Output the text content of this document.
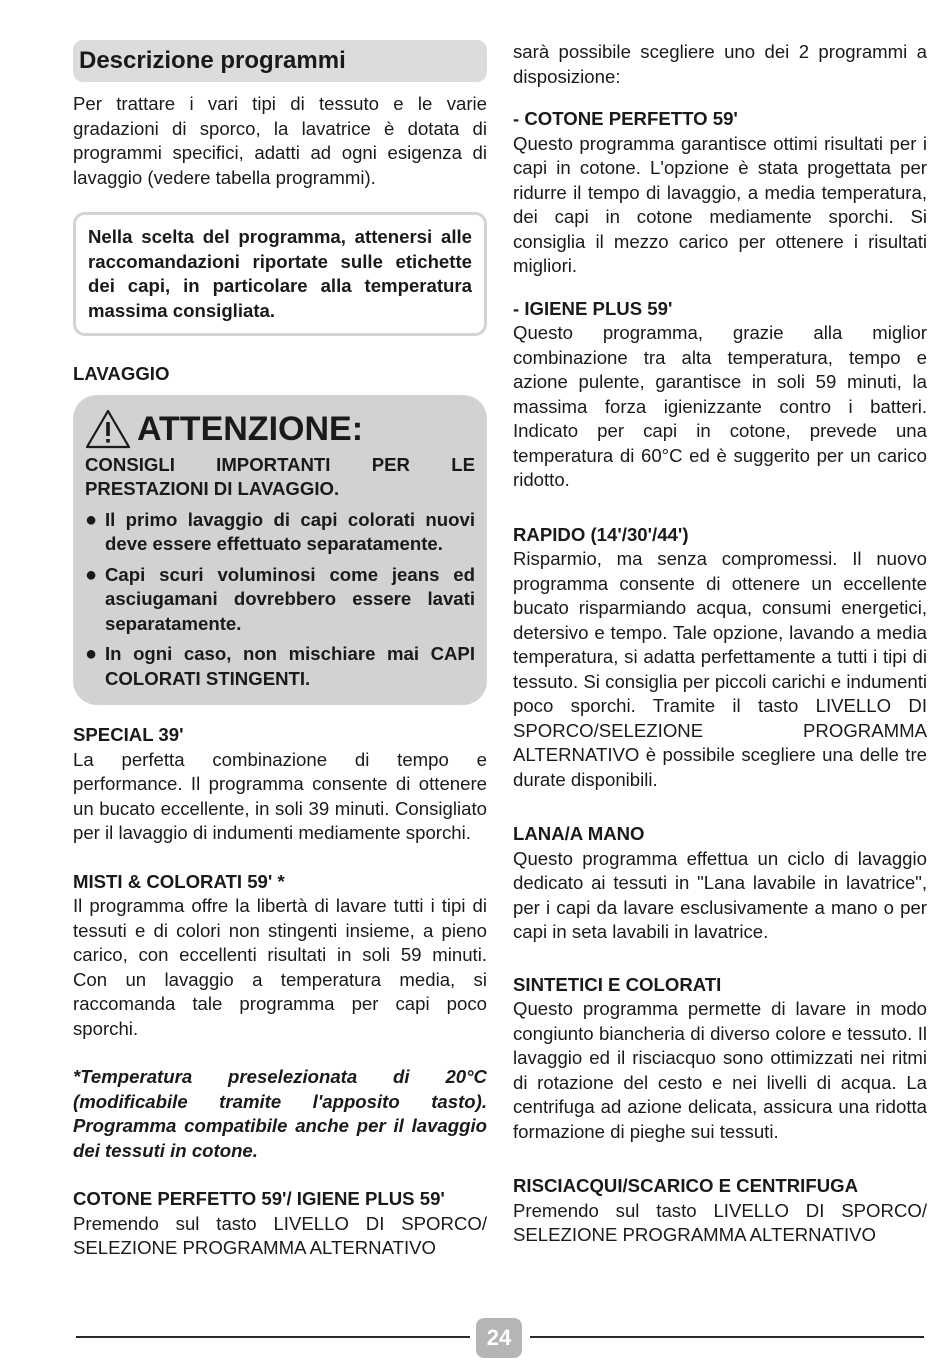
Descrizione programmi

Per trattare i vari tipi di tessuto e le varie gradazioni di sporco, la lavatrice è dotata di programmi specifici, adatti ad ogni esigenza di lavaggio (vedere tabella programmi).

Nella scelta del programma, attenersi alle raccomandazioni riportate sulle etichette dei capi, in particolare alla temperatura massima consigliata.
LAVAGGIO
ATTENZIONE:
CONSIGLI IMPORTANTI PER LE PRESTAZIONI DI LAVAGGIO.
● Il primo lavaggio di capi colorati nuovi deve essere effettuato separatamente.
● Capi scuri voluminosi come jeans ed asciugamani dovrebbero essere lavati separatamente.
● In ogni caso, non mischiare mai CAPI COLORATI STINGENTI.
SPECIAL 39'

La perfetta combinazione di tempo e performance. Il programma consente di ottenere un bucato eccellente, in soli 39 minuti. Consigliato per il lavaggio di indumenti mediamente sporchi.

MISTI & COLORATI 59' *

Il programma offre la libertà di lavare tutti i tipi di tessuti e di colori non stingenti insieme, a pieno carico, con eccellenti risultati in soli 59 minuti. Con un lavaggio a temperatura media, si raccomanda tale programma per capi poco sporchi.

*Temperatura preselezionata di 20°C (modificabile tramite l'apposito tasto). Programma compatibile anche per il lavaggio dei tessuti in cotone.

COTONE PERFETTO 59'/ IGIENE PLUS 59'

Premendo sul tasto LIVELLO DI SPORCO/ SELEZIONE PROGRAMMA ALTERNATIVO

sarà possibile scegliere uno dei 2 programmi a disposizione:

- COTONE PERFETTO 59'

Questo programma garantisce ottimi risultati per i capi in cotone. L'opzione è stata progettata per ridurre il tempo di lavaggio, a media temperatura, dei capi in cotone mediamente sporchi. Si consiglia il mezzo carico per ottenere i risultati migliori.

- IGIENE PLUS 59'

Questo programma, grazie alla miglior combinazione tra alta temperatura, tempo e azione pulente, garantisce in soli 59 minuti, la massima forza igienizzante contro i batteri. Indicato per capi in cotone, prevede una temperatura di 60°C ed è suggerito per un carico ridotto.

RAPIDO (14'/30'/44')

Risparmio, ma senza compromessi. Il nuovo programma consente di ottenere un eccellente bucato risparmiando acqua, consumi energetici, detersivo e tempo. Tale opzione, lavando a media temperatura, si adatta perfettamente a tutti i tipi di tessuto. Si consiglia per piccoli carichi e indumenti poco sporchi. Tramite il tasto LIVELLO DI SPORCO/SELEZIONE PROGRAMMA ALTERNATIVO è possibile scegliere una delle tre durate disponibili.

LANA/A MANO

Questo programma effettua un ciclo di lavaggio dedicato ai tessuti in "Lana lavabile in lavatrice", per i capi da lavare esclusivamente a mano o per capi in seta lavabili in lavatrice.

SINTETICI E COLORATI

Questo programma permette di lavare in modo congiunto biancheria di diverso colore e tessuto. Il lavaggio ed il risciacquo sono ottimizzati nei ritmi di rotazione del cesto e nei livelli di acqua. La centrifuga ad azione delicata, assicura una ridotta formazione di pieghe sui tessuti.

RISCIACQUI/SCARICO E CENTRIFUGA

Premendo sul tasto LIVELLO DI SPORCO/ SELEZIONE PROGRAMMA ALTERNATIVO

24
